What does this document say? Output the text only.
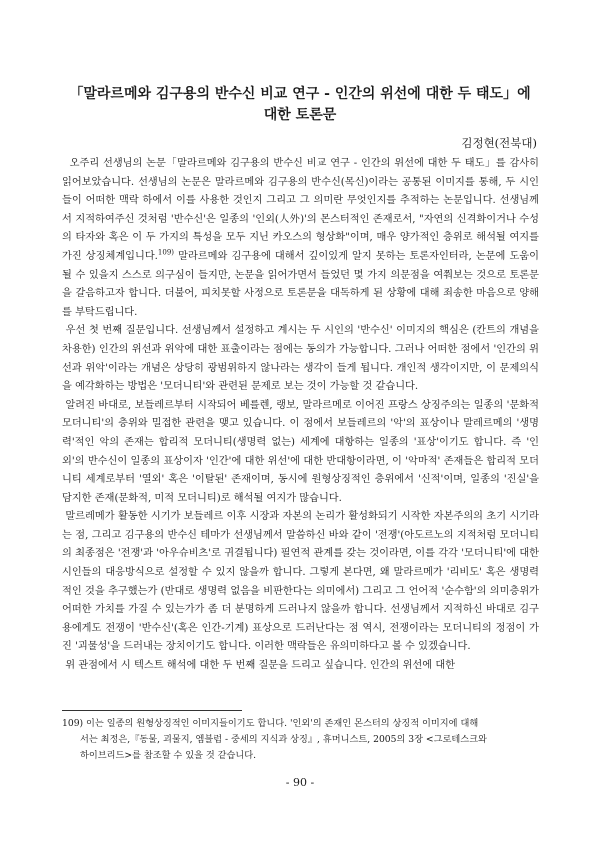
「말라르메와 김구용의 반수신 비교 연구 - 인간의 위선에 대한 두 태도」에
대한 토론문
김정현(전북대)

오주리 선생님의 논문「말라르메와 김구용의 반수신 비교 연구 - 인간의 위선에 대한 두 태도」를 감사히 읽어보았습니다. 선생님의 논문은 말라르메와 김구용의 반수신(목신)이라는 공통된 이미지를 통해, 두 시인들이 어떠한 맥락 하에서 이를 사용한 것인지 그리고 그 의미란 무엇인지를 추적하는 논문입니다. 선생님께서 지적하여주신 것처럼 '반수신'은 일종의 '인외(人外)'의 몬스터적인 존재로서, "자연의 신격화이거나 수성의 타자와 혹은 이 두 가지의 특성을 모두 지닌 카오스의 형상화"이며, 매우 양가적인 층위로 해석될 여지를 가진 상징체계입니다.$^{109)}$ 말라르메와 김구용에 대해서 깊이있게 알지 못하는 토론자인터라, 논문에 도움이 될 수 있을지 스스로 의구심이 들지만, 논문을 읽어가면서 들었던 몇 가지 의문점을 여쭤보는 것으로 토론문을 갈음하고자 합니다. 더불어, 피치못할 사정으로 토론문을 대독하게 된 상황에 대해 죄송한 마음으로 양해를 부탁드립니다.

우선 첫 번째 질문입니다. 선생님께서 설정하고 계시는 두 시인의 '반수신' 이미지의 핵심은 (칸트의 개념을 차용한) 인간의 위선과 위악에 대한 표출이라는 점에는 동의가 가능합니다. 그러나 어떠한 점에서 '인간의 위선과 위악'이라는 개념은 상당히 광범위하지 않나라는 생각이 들게 됩니다. 개인적 생각이지만, 이 문제의식을 예각화하는 방법은 '모더니티'와 관련된 문제로 보는 것이 가능할 것 같습니다.

알려진 바대로, 보들레르부터 시작되어 베를렌, 랭보, 말라르메로 이어진 프랑스 상징주의는 일종의 '문화적 모더니티'의 층위와 밀접한 관련을 맺고 있습니다. 이 점에서 보들레르의 '악'의 표상이나 말레르메의 '생명력'적인 악의 존재는 합리적 모더니티(생명력 없는) 세계에 대항하는 일종의 '표상'이기도 합니다. 즉 '인외'의 반수신이 일종의 표상이자 '인간'에 대한 위선'에 대한 반대항이라면, 이 '악마적' 존재들은 합리적 모더니티 세계로부터 '열외' 혹은 '이탈된' 존재이며, 동시에 원형상징적인 층위에서 '신적'이며, 일종의 '진실'을 담지한 존재(문화적, 미적 모더니티)로 해석될 여지가 많습니다.

말르레메가 활동한 시기가 보들레르 이후 시장과 자본의 논리가 활성화되기 시작한 자본주의의 초기 시기라는 점, 그리고 김구용의 반수신 테마가 선생님께서 말씀하신 바와 같이 '전쟁'(아도르노의 지적처럼 모더니티의 최종점은 '전쟁'과 '아우슈비츠'로 귀결됩니다) 필연적 관계를 갖는 것이라면, 이를 각각 '모더니티'에 대한 시인들의 대응방식으로 설정할 수 있지 않을까 합니다. 그렇게 본다면, 왜 말라르메가 '리비도' 혹은 생명력적인 것을 추구했는가 (반대로 생명력 없음을 비판한다는 의미에서) 그리고 그 언어적 '순수함'의 의미층위가 어떠한 가치를 가질 수 있는가가 좀 더 분명하게 드러나지 않을까 합니다. 선생님께서 지적하신 바대로 김구용에게도 전쟁이 '반수신'(혹은 인간-기계) 표상으로 드러난다는 점 역시, 전쟁이라는 모더니티의 정점이 가진 '괴물성'을 드러내는 장치이기도 합니다. 이러한 맥락들은 유의미하다고 볼 수 있겠습니다.

위 관점에서 시 텍스트 해석에 대한 두 번째 질문을 드리고 싶습니다. 인간의 위선에 대한

109) 이는 일종의 원형상징적인 이미지들이기도 합니다. '인외'의 존재인 몬스터의 상징적 이미지에 대해
서는 최정은,『동물, 괴물지, 엠블럼 - 중세의 지식과 상징』, 휴머니스트, 2005의 3장 <그로테스크와
하이브리드>를 참조할 수 있을 것 같습니다.
- 90 -
